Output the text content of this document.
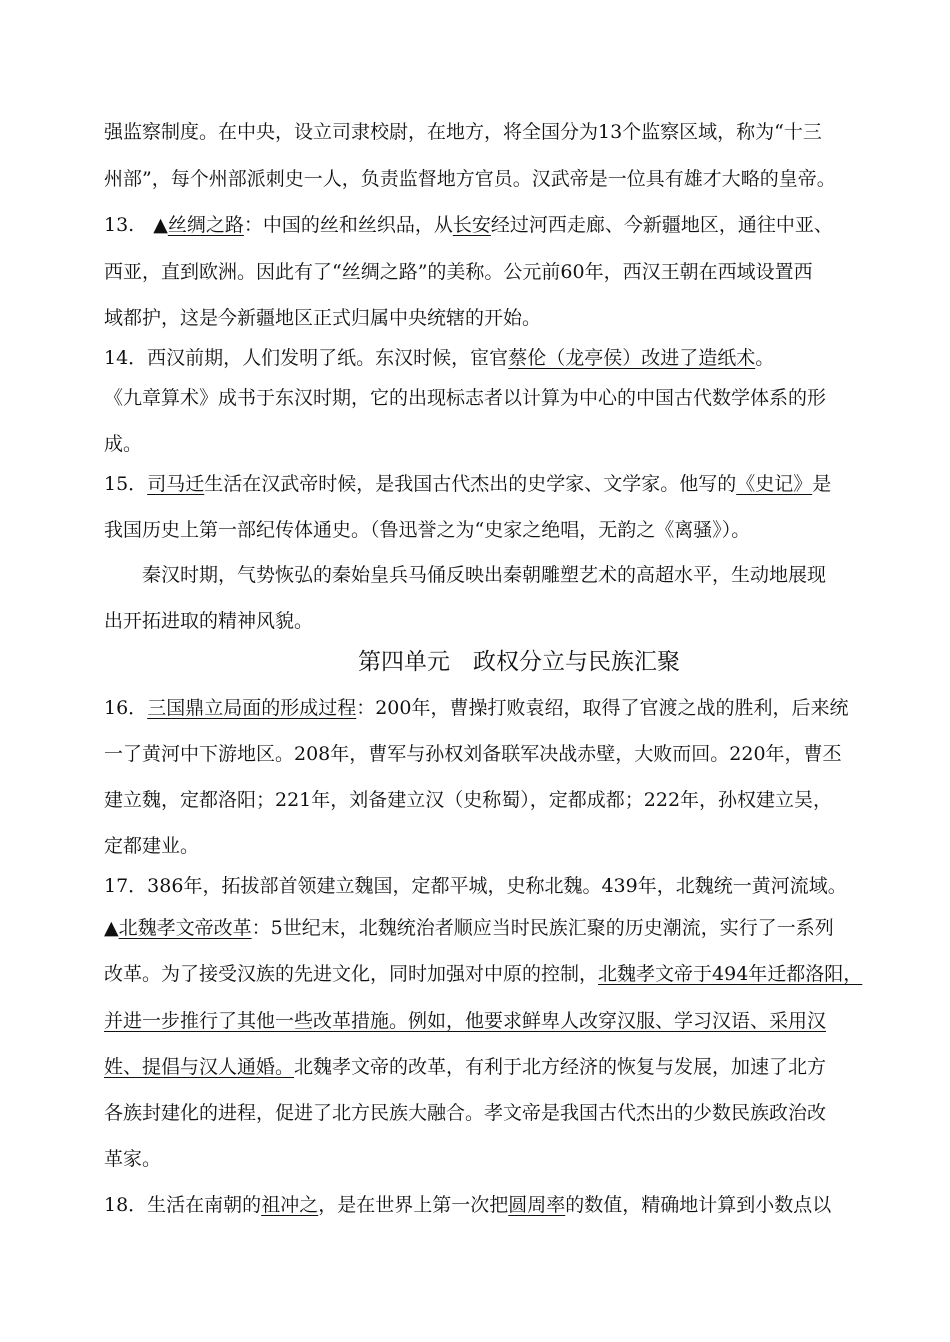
强监察制度。在中央，设立司隶校尉，在地方，将全国分为13个监察区域，称为“十三
州部”，每个州部派刺史一人，负责监督地方官员。汉武帝是一位具有雄才大略的皇帝。
13.　▲丝绸之路：中国的丝和丝织品，从长安经过河西走廊、今新疆地区，通往中亚、
西亚，直到欧洲。因此有了“丝绸之路”的美称。公元前60年，西汉王朝在西域设置西
域都护，这是今新疆地区正式归属中央统辖的开始。
14．西汉前期，人们发明了纸。东汉时候，宦官蔡伦（龙亭侯）改进了造纸术。
《九章算术》成书于东汉时期，它的出现标志者以计算为中心的中国古代数学体系的形
成。
15．司马迁生活在汉武帝时候，是我国古代杰出的史学家、文学家。他写的《史记》是
我国历史上第一部纪传体通史。（鲁迅誉之为“史家之绝唱，无韵之《离骚》）。
　　秦汉时期，气势恢弘的秦始皇兵马俑反映出秦朝雕塑艺术的高超水平，生动地展现
出开拓进取的精神风貌。
第四单元　政权分立与民族汇聚
16．三国鼎立局面的形成过程：200年，曹操打败袁绍，取得了官渡之战的胜利，后来统
一了黄河中下游地区。208年，曹军与孙权刘备联军决战赤壁，大败而回。220年，曹丕
建立魏，定都洛阳；221年，刘备建立汉（史称蜀），定都成都；222年，孙权建立吴，
定都建业。
17．386年，拓拔部首领建立魏国，定都平城，史称北魏。439年，北魏统一黄河流域。
▲北魏孝文帝改革：5世纪末，北魏统治者顺应当时民族汇聚的历史潮流，实行了一系列
改革。为了接受汉族的先进文化，同时加强对中原的控制，北魏孝文帝于494年迁都洛阳，
并进一步推行了其他一些改革措施。例如，他要求鲜卑人改穿汉服、学习汉语、采用汉
姓、提倡与汉人通婚。北魏孝文帝的改革，有利于北方经济的恢复与发展，加速了北方
各族封建化的进程，促进了北方民族大融合。孝文帝是我国古代杰出的少数民族政治改
革家。
18．生活在南朝的祖冲之，是在世界上第一次把圆周率的数值，精确地计算到小数点以
